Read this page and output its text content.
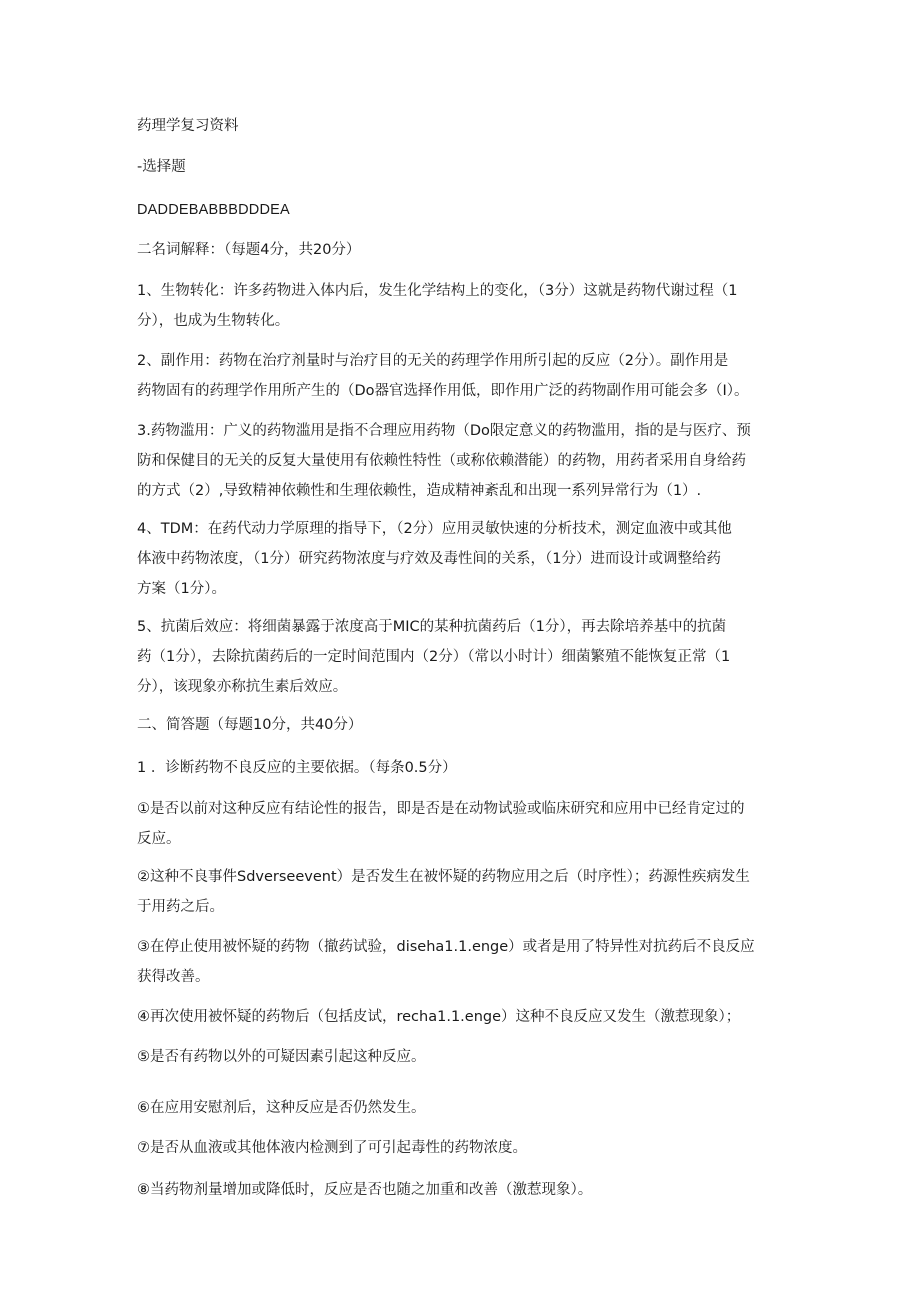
药理学复习资料
-选择题
DADDEBABBBDDDEA
二名词解释：（每题4分，共20分）
1、生物转化：许多药物进入体内后，发生化学结构上的变化，（3分）这就是药物代谢过程（1
分），也成为生物转化。
2、副作用：药物在治疗剂量时与治疗目的无关的药理学作用所引起的反应（2分）。副作用是
药物固有的药理学作用所产生的（Do器官选择作用低，即作用广泛的药物副作用可能会多（I）。
3.药物滥用：广义的药物滥用是指不合理应用药物（Do限定意义的药物滥用，指的是与医疗、预
防和保健目的无关的反复大量使用有依赖性特性（或称依赖潜能）的药物，用药者采用自身给药
的方式（2）,导致精神依赖性和生理依赖性，造成精神紊乱和出现一系列异常行为（1）.
4、TDM：在药代动力学原理的指导下，（2分）应用灵敏快速的分析技术，测定血液中或其他
体液中药物浓度，（1分）研究药物浓度与疗效及毒性间的关系，（1分）进而设计或调整给药
方案（1分）。
5、抗菌后效应：将细菌暴露于浓度高于MIC的某种抗菌药后（1分），再去除培养基中的抗菌
药（1分），去除抗菌药后的一定时间范围内（2分）（常以小时计）细菌繁殖不能恢复正常（1
分），该现象亦称抗生素后效应。
二、简答题（每题10分，共40分）
1 ．诊断药物不良反应的主要依据。（每条0.5分）
①是否以前对这种反应有结论性的报告，即是否是在动物试验或临床研究和应用中已经肯定过的
反应。
②这种不良事件Sdverseevent）是否发生在被怀疑的药物应用之后（时序性）；药源性疾病发生
于用药之后。
③在停止使用被怀疑的药物（撤药试验，diseha1.1.enge）或者是用了特异性对抗药后不良反应
获得改善。
④再次使用被怀疑的药物后（包括皮试，recha1.1.enge）这种不良反应又发生（激惹现象）；
⑤是否有药物以外的可疑因素引起这种反应。
⑥在应用安慰剂后，这种反应是否仍然发生。
⑦是否从血液或其他体液内检测到了可引起毒性的药物浓度。
⑧当药物剂量增加或降低时，反应是否也随之加重和改善（激惹现象）。
